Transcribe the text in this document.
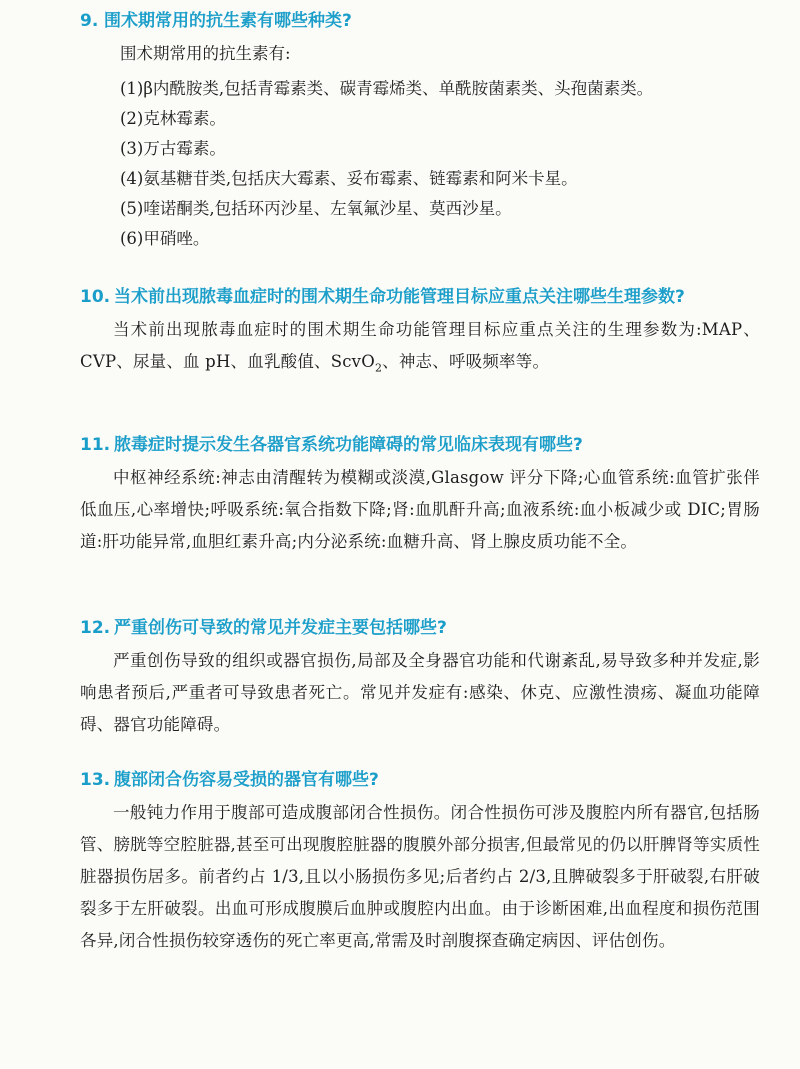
9. 围术期常用的抗生素有哪些种类?

围术期常用的抗生素有:

(1)β内酰胺类,包括青霉素类、碳青霉烯类、单酰胺菌素类、头孢菌素类。

(2)克林霉素。

(3)万古霉素。

(4)氨基糖苷类,包括庆大霉素、妥布霉素、链霉素和阿米卡星。

(5)喹诺酮类,包括环丙沙星、左氧氟沙星、莫西沙星。

(6)甲硝唑。

10. 当术前出现脓毒血症时的围术期生命功能管理目标应重点关注哪些生理参数?

当术前出现脓毒血症时的围术期生命功能管理目标应重点关注的生理参数为:MAP、CVP、尿量、血 pH、血乳酸值、ScvO$_2$、神志、呼吸频率等。

11. 脓毒症时提示发生各器官系统功能障碍的常见临床表现有哪些?

中枢神经系统:神志由清醒转为模糊或淡漠,Glasgow 评分下降;心血管系统:血管扩张伴低血压,心率增快;呼吸系统:氧合指数下降;肾:血肌酐升高;血液系统:血小板减少或 DIC;胃肠道:肝功能异常,血胆红素升高;内分泌系统:血糖升高、肾上腺皮质功能不全。

12. 严重创伤可导致的常见并发症主要包括哪些?

严重创伤导致的组织或器官损伤,局部及全身器官功能和代谢紊乱,易导致多种并发症,影响患者预后,严重者可导致患者死亡。常见并发症有:感染、休克、应激性溃疡、凝血功能障碍、器官功能障碍。

13. 腹部闭合伤容易受损的器官有哪些?

一般钝力作用于腹部可造成腹部闭合性损伤。闭合性损伤可涉及腹腔内所有器官,包括肠管、膀胱等空腔脏器,甚至可出现腹腔脏器的腹膜外部分损害,但最常见的仍以肝脾肾等实质性脏器损伤居多。前者约占 1/3,且以小肠损伤多见;后者约占 2/3,且脾破裂多于肝破裂,右肝破裂多于左肝破裂。出血可形成腹膜后血肿或腹腔内出血。由于诊断困难,出血程度和损伤范围各异,闭合性损伤较穿透伤的死亡率更高,常需及时剖腹探查确定病因、评估创伤。
